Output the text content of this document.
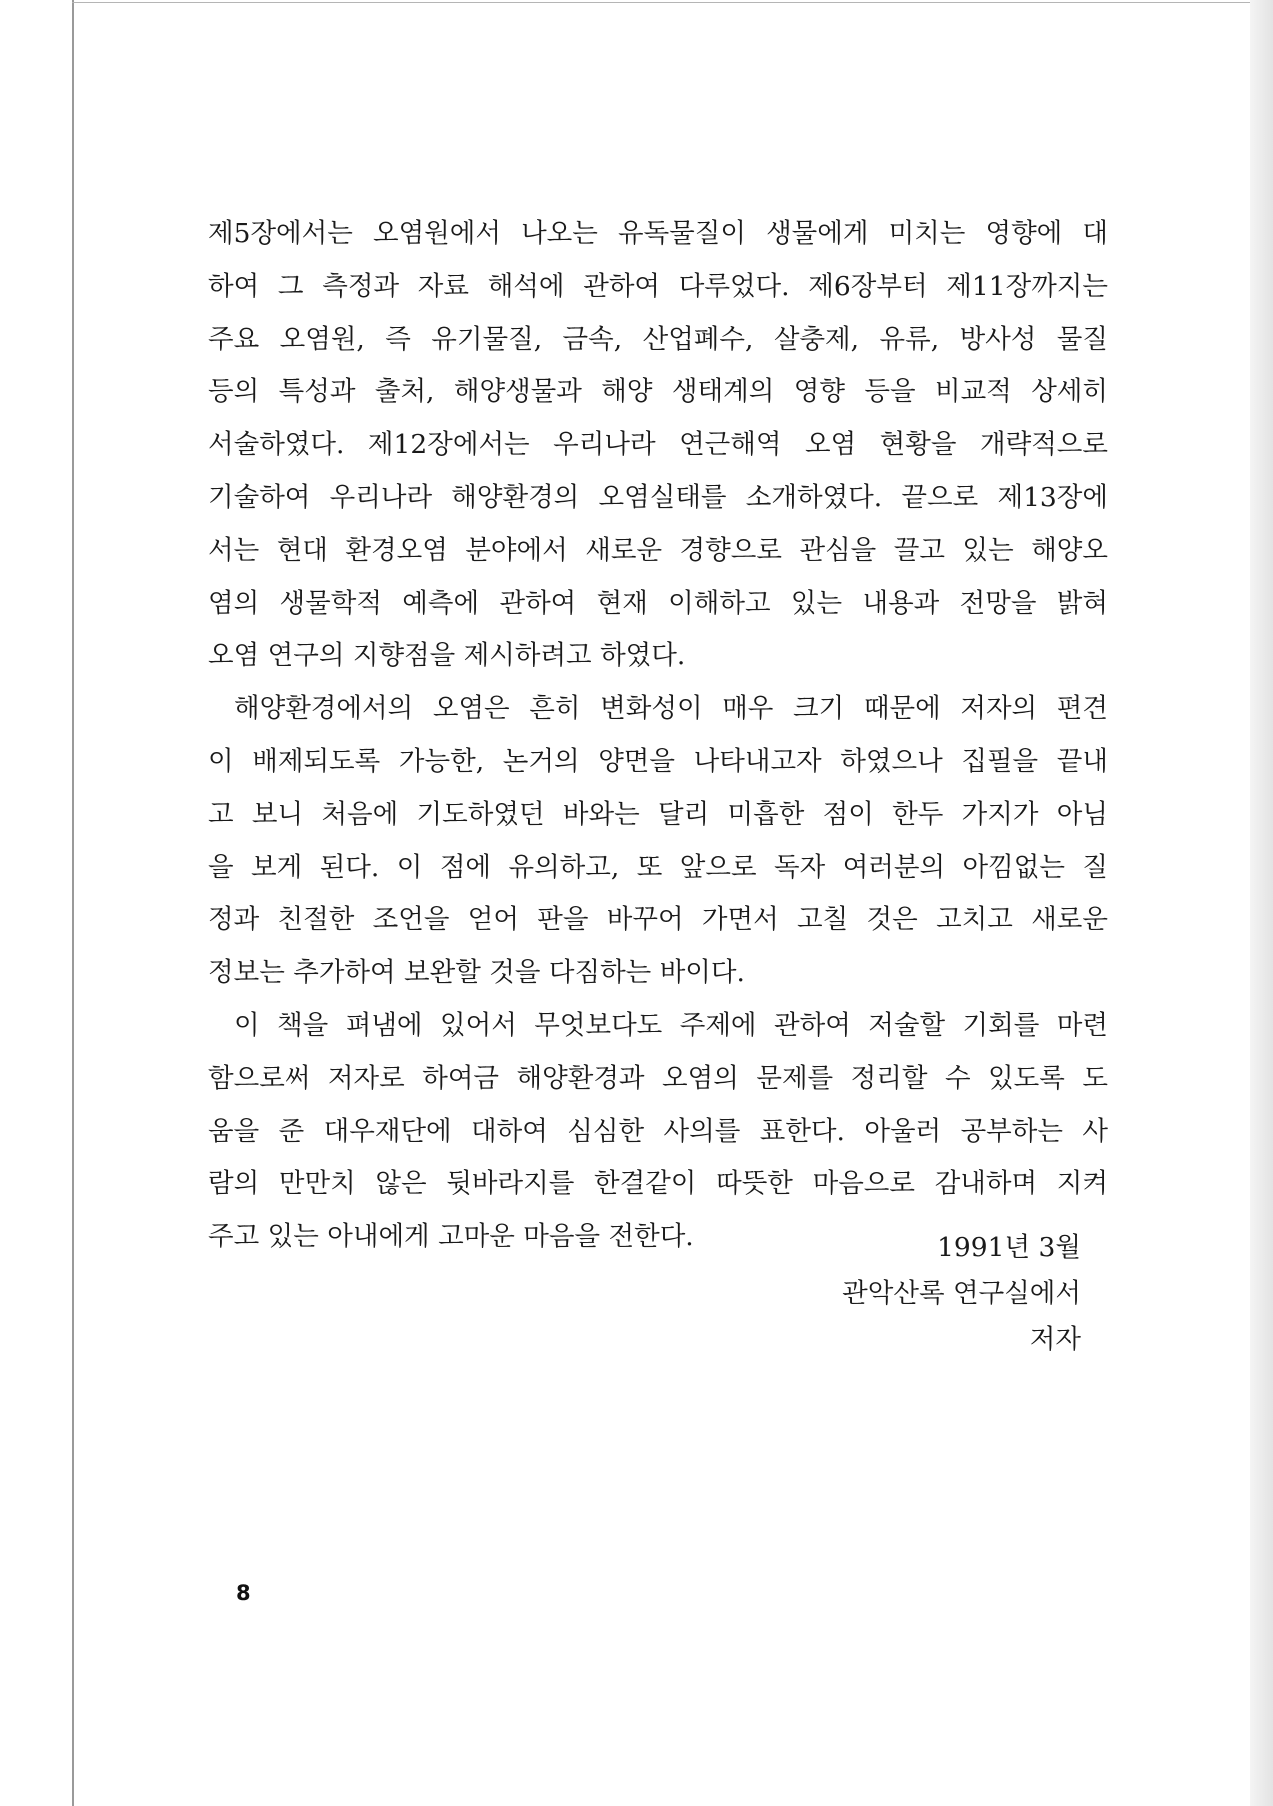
제5장에서는 오염원에서 나오는 유독물질이 생물에게 미치는 영향에 대
하여 그 측정과 자료 해석에 관하여 다루었다. 제6장부터 제11장까지는
주요 오염원, 즉 유기물질, 금속, 산업폐수, 살충제, 유류, 방사성 물질
등의 특성과 출처, 해양생물과 해양 생태계의 영향 등을 비교적 상세히
서술하였다. 제12장에서는 우리나라 연근해역 오염 현황을 개략적으로
기술하여 우리나라 해양환경의 오염실태를 소개하였다. 끝으로 제13장에
서는 현대 환경오염 분야에서 새로운 경향으로 관심을 끌고 있는 해양오
염의 생물학적 예측에 관하여 현재 이해하고 있는 내용과 전망을 밝혀
오염 연구의 지향점을 제시하려고 하였다.
해양환경에서의 오염은 흔히 변화성이 매우 크기 때문에 저자의 편견
이 배제되도록 가능한, 논거의 양면을 나타내고자 하였으나 집필을 끝내
고 보니 처음에 기도하였던 바와는 달리 미흡한 점이 한두 가지가 아님
을 보게 된다. 이 점에 유의하고, 또 앞으로 독자 여러분의 아낌없는 질
정과 친절한 조언을 얻어 판을 바꾸어 가면서 고칠 것은 고치고 새로운
정보는 추가하여 보완할 것을 다짐하는 바이다.
이 책을 펴냄에 있어서 무엇보다도 주제에 관하여 저술할 기회를 마련
함으로써 저자로 하여금 해양환경과 오염의 문제를 정리할 수 있도록 도
움을 준 대우재단에 대하여 심심한 사의를 표한다. 아울러 공부하는 사
람의 만만치 않은 뒷바라지를 한결같이 따뜻한 마음으로 감내하며 지켜
주고 있는 아내에게 고마운 마음을 전한다.	1991년 3월
관악산록 연구실에서
저자
8
